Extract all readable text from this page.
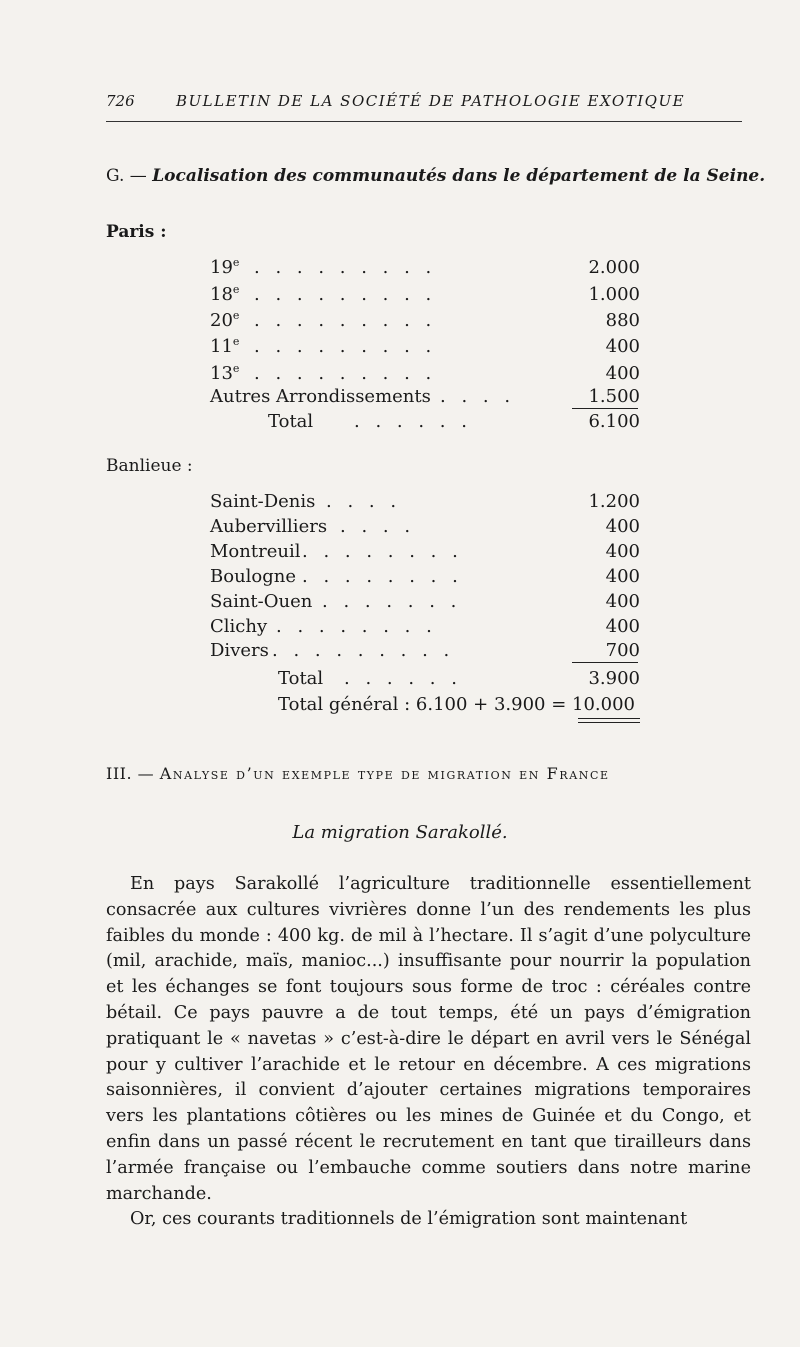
726	BULLETIN DE LA SOCIÉTÉ DE PATHOLOGIE EXOTIQUE
G. — Localisation des communautés dans le département de la Seine.
Paris :
19e . . . . . . . . .	2.000
18e . . . . . . . . .	1.000
20e . . . . . . . . .	880
11e . . . . . . . . .	400
13e . . . . . . . . .	400
Autres Arrondissements . . . .	1.500
Total . . . . . .	6.100
Banlieue :
Saint-Denis . . . .	1.200
Aubervilliers . . . .	400
Montreuil . . . . . . . .	400
Boulogne . . . . . . . .	400
Saint-Ouen . . . . . . .	400
Clichy . . . . . . . .	400
Divers . . . . . . . . .	700
Total . . . . . .	3.900
Total général : 6.100 + 3.900 = 10.000
III. — Analyse d’un exemple type de migration en France
La migration Sarakollé.

En pays Sarakollé l’agriculture traditionnelle essentiellement consacrée aux cultures vivrières donne l’un des rendements les plus faibles du monde : 400 kg. de mil à l’hectare. Il s’agit d’une polyculture (mil, arachide, maïs, manioc...) insuffisante pour nourrir la population et les échanges se font toujours sous forme de troc : céréales contre bétail. Ce pays pauvre a de tout temps, été un pays d’émigration pratiquant le « navetas » c’est-à-dire le départ en avril vers le Sénégal pour y cultiver l’arachide et le retour en décembre. A ces migrations saisonnières, il convient d’ajouter certaines migrations temporaires vers les plantations côtières ou les mines de Guinée et du Congo, et enfin dans un passé récent le recrutement en tant que tirailleurs dans l’armée française ou l’embauche comme soutiers dans notre marine marchande.

Or, ces courants traditionnels de l’émigration sont maintenant
